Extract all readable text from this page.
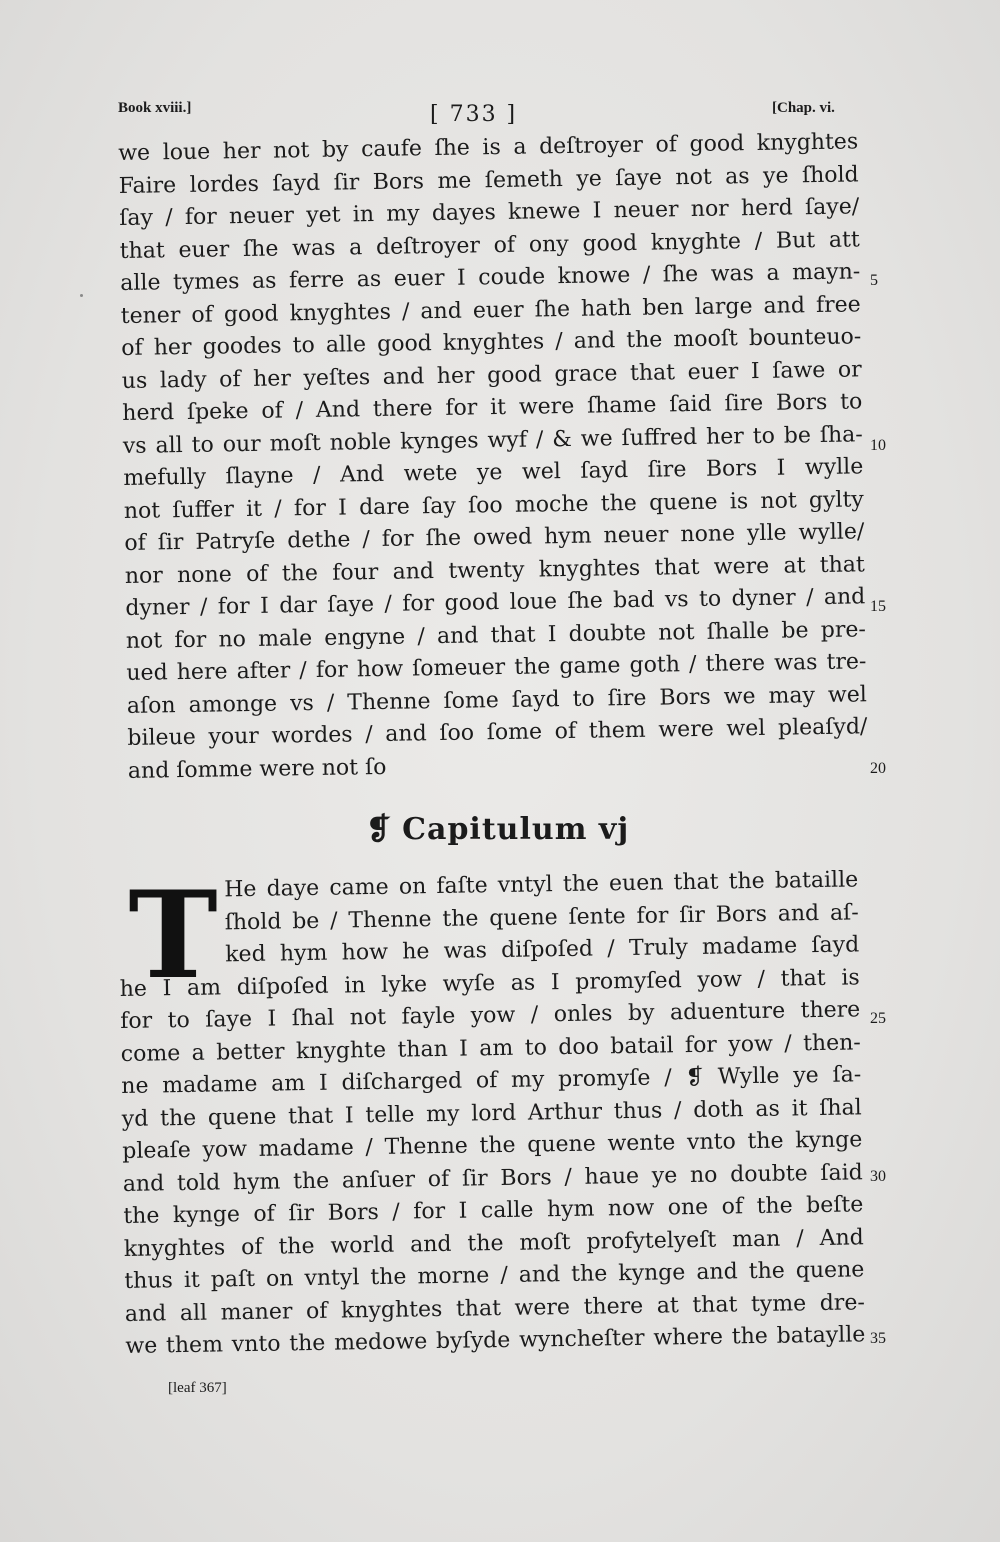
Book xviii.]	[ 733 ]	[Chap. vi.
we loue her not by caufe ſhe is a deſtroyer of good knyghtes
Faire lordes ſayd ſir Bors me ſemeth ye ſaye not as ye ſhold
ſay / for neuer yet in my dayes knewe I neuer nor herd ſaye/
that euer ſhe was a deſtroyer of ony good knyghte / But att
alle tymes as ferre as euer I coude knowe / ſhe was a mayn-
tener of good knyghtes / and euer ſhe hath ben large and free
of her goodes to alle good knyghtes / and the mooſt bounteuo-
us lady of her yeſtes and her good grace that euer I ſawe or
herd ſpeke of / And there for it were ſhame ſaid ſire Bors to
vs all to our moſt noble kynges wyf / & we ſuffred her to be ſha-
mefully ſlayne / And wete ye wel ſayd ſire Bors I wylle
not ſuffer it / for I dare ſay ſoo moche the quene is not gylty
of ſir Patryſe dethe / for ſhe owed hym neuer none ylle wylle/
nor none of the four and twenty knyghtes that were at that
dyner / for I dar ſaye / for good loue ſhe bad vs to dyner / and
not for no male engyne / and that I doubte not ſhalle be pre-
ued here after / for how ſomeuer the game goth / there was tre-
aſon amonge vs / Thenne ſome ſayd to ſire Bors we may wel
bileue your wordes / and ſoo ſome of them were wel pleaſyd/
and ſomme were not ſo
5
10
15
20
❡ Capitulum vj
T He daye came on faſte vntyl the euen that the bataille
ſhold be / Thenne the quene ſente for ſir Bors and aſ-
ked hym how he was diſpoſed / Truly madame ſayd
he I am diſpoſed in lyke wyſe as I promyſed yow / that is
for to ſaye I ſhal not fayle yow / onles by aduenture there
come a better knyghte than I am to doo batail for yow / then-
ne madame am I diſcharged of my promyſe / ❡ Wylle ye ſa-
yd the quene that I telle my lord Arthur thus / doth as it ſhal
pleaſe yow madame / Thenne the quene wente vnto the kynge
and told hym the anſuer of ſir Bors / haue ye no doubte ſaid
the kynge of ſir Bors / for I calle hym now one of the beſte
knyghtes of the world and the moſt profytelyeſt man / And
thus it paſt on vntyl the morne / and the kynge and the quene
and all maner of knyghtes that were there at that tyme dre-
we them vnto the medowe byſyde wyncheſter where the bataylle
25
30
35
[leaf 367]
